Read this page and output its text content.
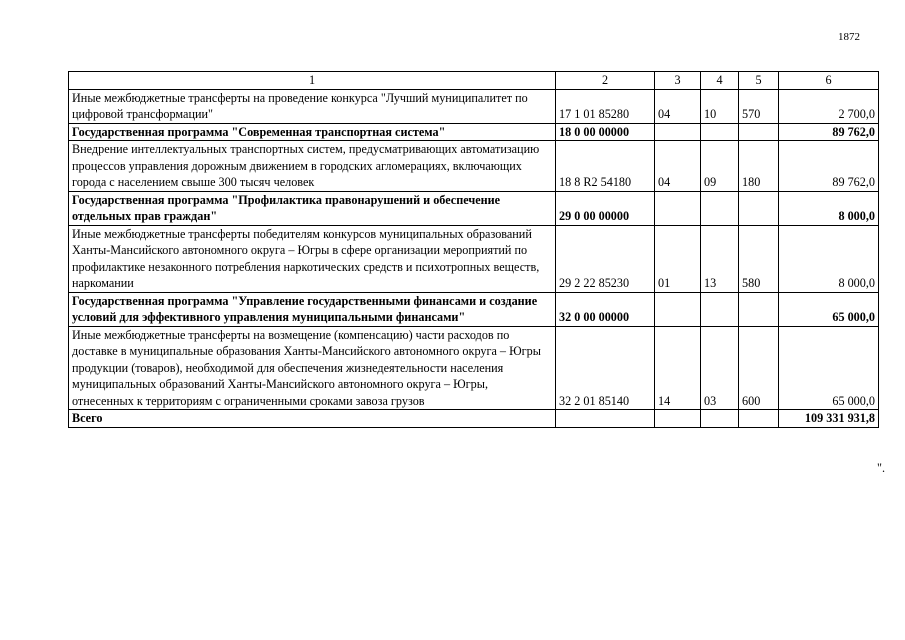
1872
1	2	3	4	5	6
Иные межбюджетные трансферты на проведение конкурса "Лучший муниципалитет по цифровой трансформации"	17 1 01 85280	04	10	570	2 700,0
Государственная программа "Современная транспортная система"	18 0 00 00000				89 762,0
Внедрение интеллектуальных транспортных систем, предусматривающих автоматизацию процессов управления дорожным движением в городских агломерациях, включающих города с населением свыше 300 тысяч человек	18 8 R2 54180	04	09	180	89 762,0
Государственная программа "Профилактика правонарушений и обеспечение отдельных прав граждан"	29 0 00 00000				8 000,0
Иные межбюджетные трансферты победителям конкурсов муниципальных образований Ханты-Мансийского автономного округа – Югры в сфере организации мероприятий по профилактике незаконного потребления наркотических средств и психотропных веществ, наркомании	29 2 22 85230	01	13	580	8 000,0
Государственная программа "Управление государственными финансами и создание условий для эффективного управления муниципальными финансами"	32 0 00 00000				65 000,0
Иные межбюджетные трансферты на возмещение (компенсацию) части расходов по доставке в муниципальные образования Ханты-Мансийского автономного округа – Югры продукции (товаров), необходимой для обеспечения жизнедеятельности населения муниципальных образований Ханты-Мансийского автономного округа – Югры, отнесенных к территориям с ограниченными сроками завоза грузов	32 2 01 85140	14	03	600	65 000,0
Всего					109 331 931,8
".
